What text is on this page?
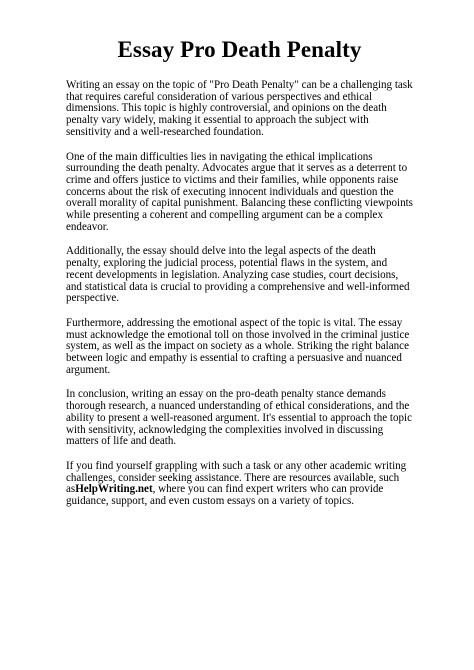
Essay Pro Death Penalty

Writing an essay on the topic of "Pro Death Penalty" can be a challenging task that requires careful consideration of various perspectives and ethical dimensions. This topic is highly controversial, and opinions on the death penalty vary widely, making it essential to approach the subject with sensitivity and a well-researched foundation.

One of the main difficulties lies in navigating the ethical implications surrounding the death penalty. Advocates argue that it serves as a deterrent to crime and offers justice to victims and their families, while opponents raise concerns about the risk of executing innocent individuals and question the overall morality of capital punishment. Balancing these conflicting viewpoints while presenting a coherent and compelling argument can be a complex endeavor.

Additionally, the essay should delve into the legal aspects of the death penalty, exploring the judicial process, potential flaws in the system, and recent developments in legislation. Analyzing case studies, court decisions, and statistical data is crucial to providing a comprehensive and well-informed perspective.

Furthermore, addressing the emotional aspect of the topic is vital. The essay must acknowledge the emotional toll on those involved in the criminal justice system, as well as the impact on society as a whole. Striking the right balance between logic and empathy is essential to crafting a persuasive and nuanced argument.

In conclusion, writing an essay on the pro-death penalty stance demands thorough research, a nuanced understanding of ethical considerations, and the ability to present a well-reasoned argument. It's essential to approach the topic with sensitivity, acknowledging the complexities involved in discussing matters of life and death.

If you find yourself grappling with such a task or any other academic writing challenges, consider seeking assistance. There are resources available, such asHelpWriting.net, where you can find expert writers who can provide guidance, support, and even custom essays on a variety of topics.
